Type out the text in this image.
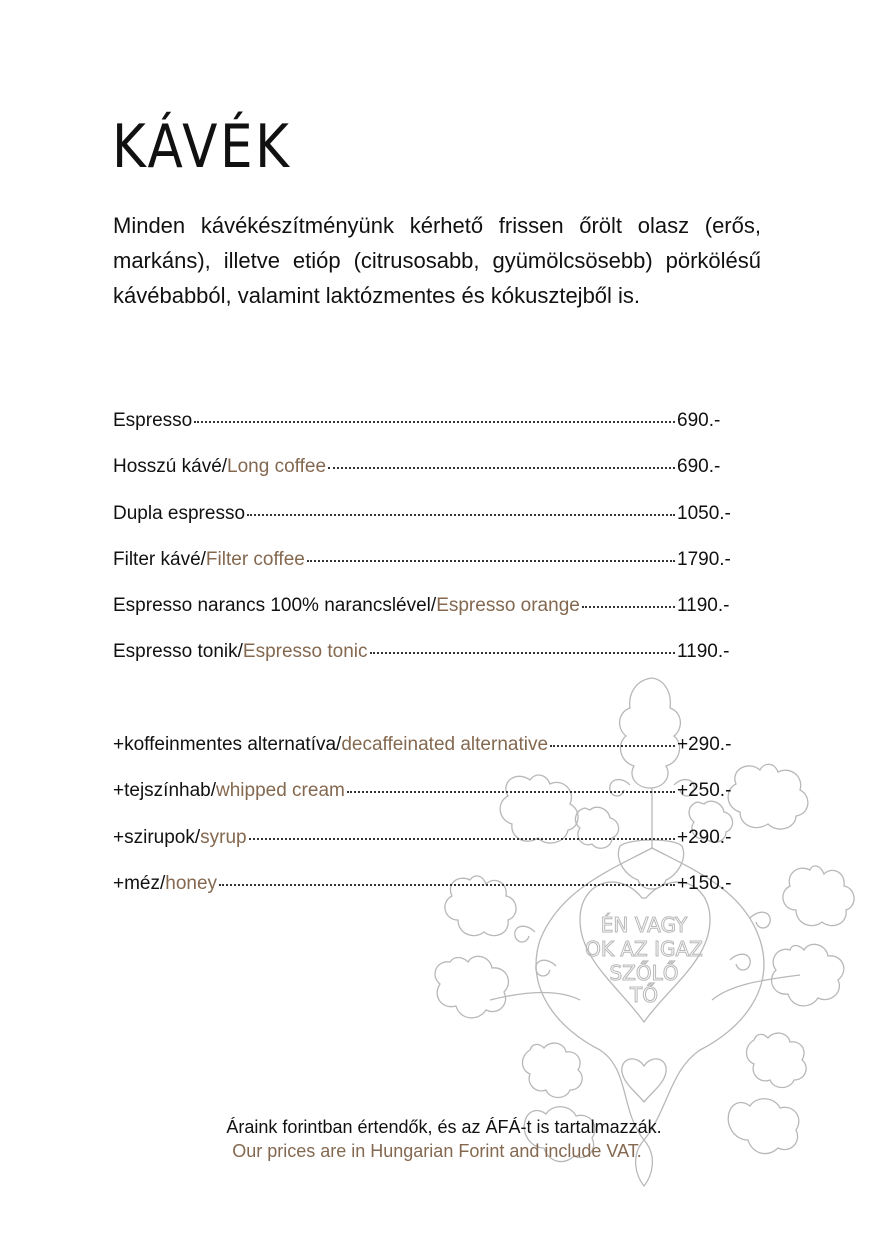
ÉN VAGY
OK AZ IGAZ
SZŐLŐ
TŐ
KÁVÉK

Minden kávékészítményünk kérhető frissen őrölt olasz (erős, markáns), illetve etióp (citrusosabb, gyümölcsösebb) pörkölésű kávébabból, valamint laktózmentes és kókusztejből is.

Espresso	690.-
Hosszú kávé/Long coffee	690.-
Dupla espresso	1050.-
Filter kávé/Filter coffee	1790.-
Espresso narancs 100% narancslével/Espresso orange	1190.-
Espresso tonik/Espresso tonic	1190.-
+koffeinmentes alternatíva/decaffeinated alternative	+290.-
+tejszínhab/whipped cream	+250.-
+szirupok/syrup	+290.-
+méz/honey	+150.-
Áraink forintban értendők, és az ÁFÁ-t is tartalmazzák.
Our prices are in Hungarian Forint and include VAT.
